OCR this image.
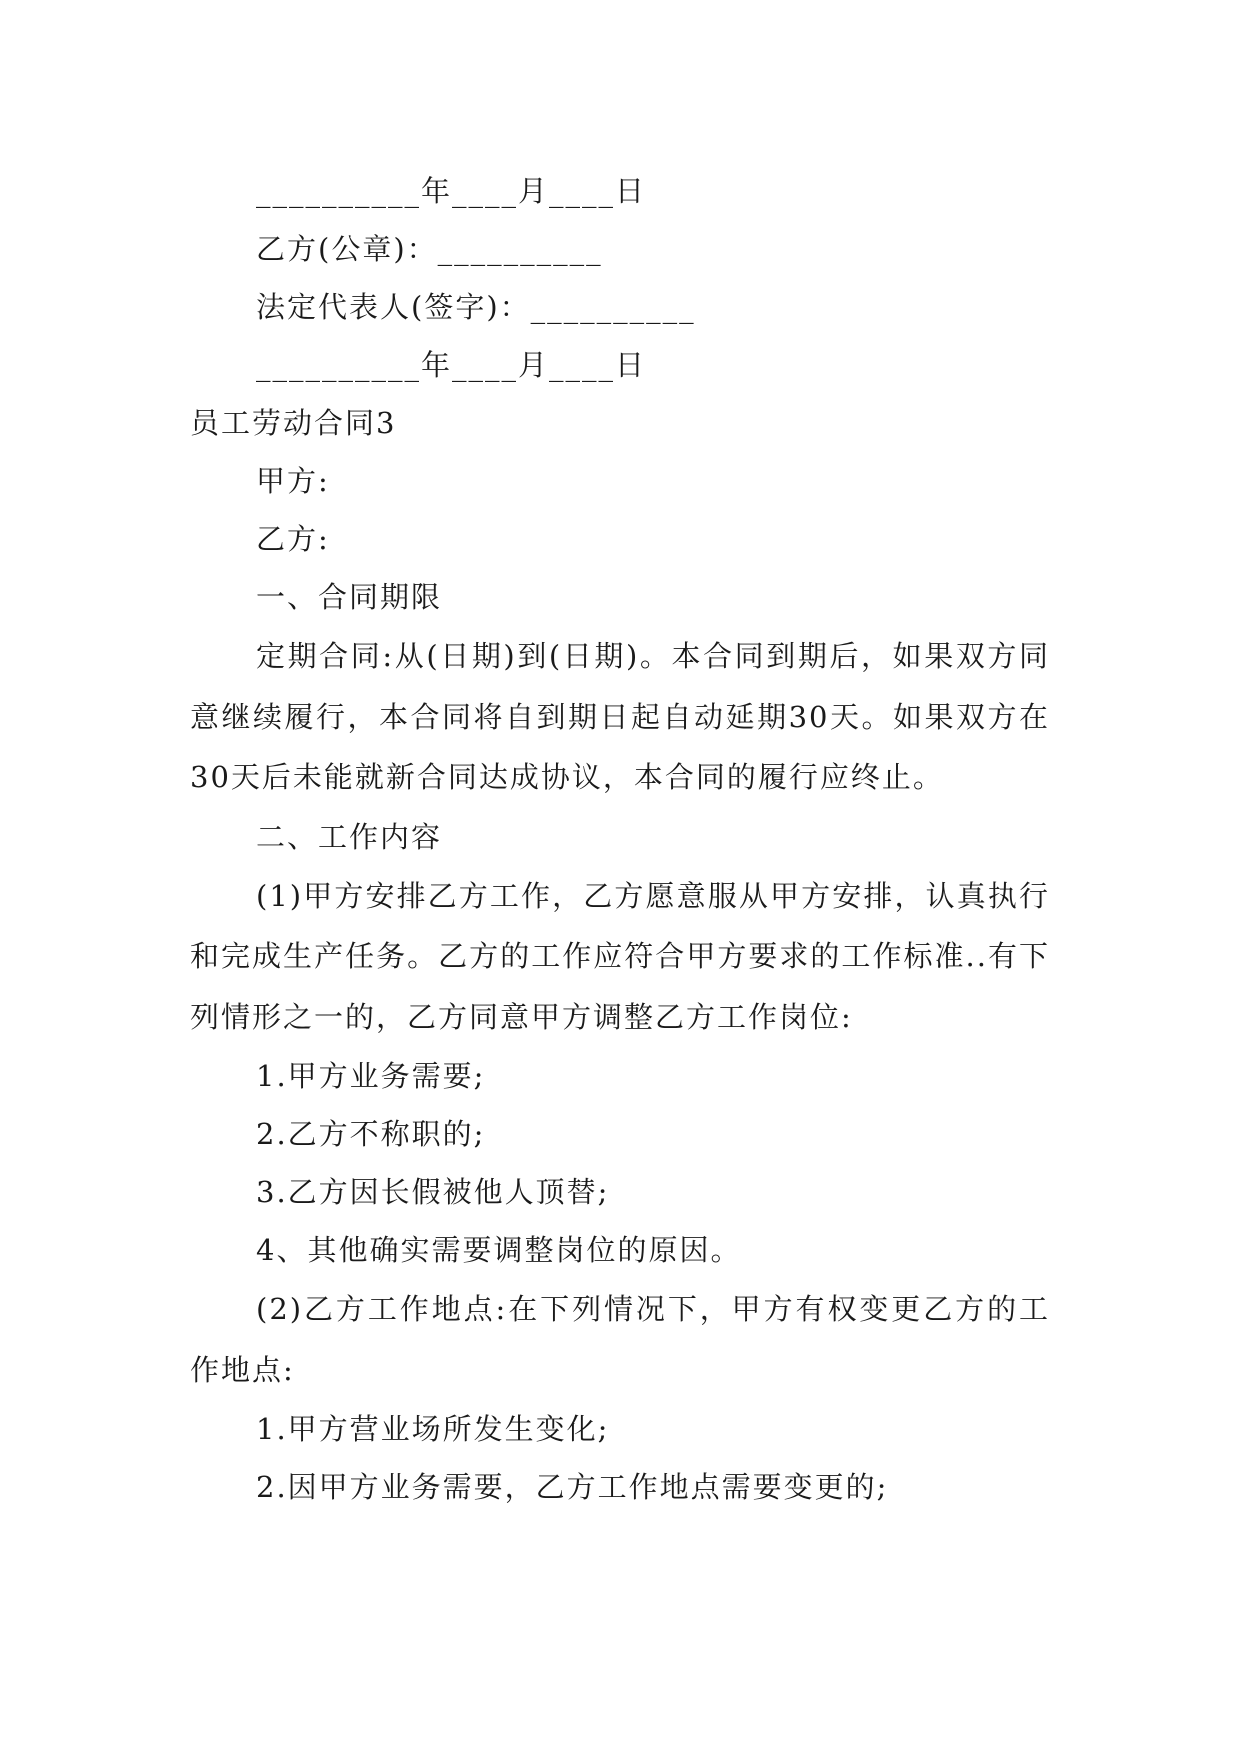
__________年____月____日
乙方(公章)：__________
法定代表人(签字)：__________
__________年____月____日
员工劳动合同3
甲方:
乙方:
一、合同期限
定期合同:从(日期)到(日期)。本合同到期后，如果双方同意继续履行，本合同将自到期日起自动延期30天。如果双方在30天后未能就新合同达成协议，本合同的履行应终止。
二、工作内容
(1)甲方安排乙方工作，乙方愿意服从甲方安排，认真执行和完成生产任务。乙方的工作应符合甲方要求的工作标准..有下列情形之一的，乙方同意甲方调整乙方工作岗位:
1.甲方业务需要;
2.乙方不称职的;
3.乙方因长假被他人顶替;
4、其他确实需要调整岗位的原因。
(2)乙方工作地点:在下列情况下，甲方有权变更乙方的工作地点:
1.甲方营业场所发生变化;
2.因甲方业务需要，乙方工作地点需要变更的;
